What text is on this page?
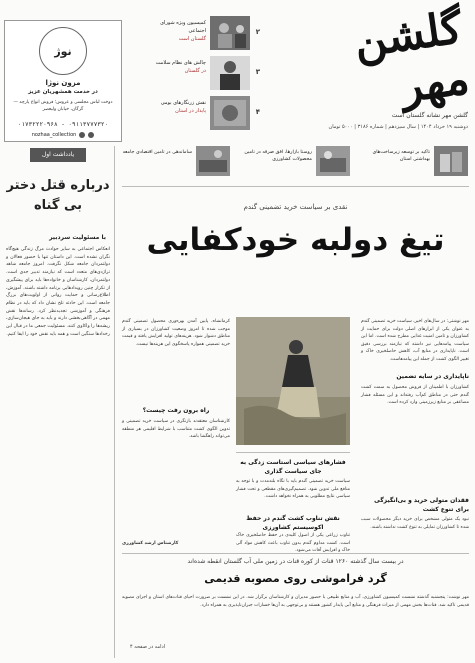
گلشن مهر
گلشن مهر نشانه گلستان است
دوشنبه ۱۹ خرداد ۱۴۰۴ | سال سیزدهم | شماره ۳۱۸۶ | ۵۰۰۰ تومان
۲
کمیسیون ویژه شورای اجتماعی
گلستان است
۳
چالش های نظام سلامت
در گلستان
۴
نقش زرنگارهای بومی
پایدار در استان
نوژ
مزون نوژا
در خدمت همشهریان عزیز
دوخت لباس مجلسی و عروس؛ فروش انواع پارچه — گرگان، خیابان ولیعصر
۰۹۱۱۳۷۷۷۳۲۰ - ۰۱۷۳۲۲۲۰۹۶۸
nozhaa_collection
تاکید بر توسعه زیرساخت‌های بهداشتی استان
روستا بازارها، افق صرفه در تامین محصولات کشاورزی
ساماندهی در تامین اقتصادی جامعه
یادداشت اول
درباره قتل دختر بی گناه
با مسئولیت سردبیر
انعکاس اجتماعی به سایر حوادث مرگ زندگی هیچ‌گاه نگران نشده است. این داستان تنها با حضور فعالان و دولتمردان جامعه شکل نگرفت. امروز جامعه شاهد تراژدی‌های متعدد است که نیازمند تدبیر جدی است. دولتمردان، کارشناسان و خانواده‌ها باید برای پیشگیری از تکرار چنین رویدادهایی برنامه داشته باشند. آموزش، اطلاع‌رسانی و حمایت روانی از اولویت‌های بزرگ جامعه است. این حادثه تلخ نشان داد که باید در نظام فرهنگی و آموزشی تجدیدنظر کرد. رسانه‌ها نقش مهمی در آگاهی‌بخشی دارند و باید به جای هیجان‌سازی، ریشه‌ها را واکاوی کنند. مسئولیت جمعی ما در قبال این رخدادها سنگین است و همه باید نقش خود را ایفا کنیم.
نقدی بر سیاست خرید تضمینی گندم
تیغ دولبه خودکفایی
مهر نوشتی: در سال‌های اخیر، سیاست خرید تضمینی گندم به عنوان یکی از ابزارهای اصلی دولت برای حمایت از کشاورزان و تامین امنیت غذایی مطرح شده است. اما این سیاست پیامدهایی نیز داشته که نیازمند بررسی دقیق است. ناپایداری در منابع آب، کاهش حاصلخیزی خاک و تغییر الگوی کشت از جمله این پیامدهاست.
ناپایداری در سایه تضمین
کشاورزان با اطمینان از فروش محصول به سمت کشت گندم حتی در مناطق کم‌آب رفته‌اند و این مسئله فشار مضاعفی بر منابع زیرزمینی وارد کرده است.
فقدان متولی خرید و بی‌انگیزگی برای تنوع کشت
نبود یک متولی مشخص برای خرید دیگر محصولات سبب شده تا کشاورزان تمایلی به تنوع کشت نداشته باشند.
کرمانشاه، پایین آمدن بهره‌وری محصول تضمینی گندم موجب شده تا امروز وضعیت کشاورزان در بسیاری از مناطق دشوار شود. هزینه‌های تولید افزایش یافته و قیمت خرید تضمینی همواره پاسخگوی این هزینه‌ها نیست.
راه برون رفت چیست؟
کارشناسان معتقدند بازنگری در سیاست خرید تضمینی و تدوین الگوی کشت متناسب با شرایط اقلیمی هر منطقه می‌تواند راهگشا باشد.
فشارهای سیاسی استاست زدگی به جای سیاست گذاری
سیاست خرید تضمینی گندم باید با نگاه بلندمدت و با توجه به منافع ملی تدوین شود. تصمیم‌گیری‌های مقطعی و تحت فشار سیاسی نتایج مطلوبی به همراه نخواهد داشت.
نقش تناوب کشت گندم در حفظ اکوسیستم کشاورزی
تناوب زراعی یکی از اصول کلیدی در حفظ حاصلخیزی خاک است. کشت مداوم گندم بدون تناوب باعث کاهش مواد آلی خاک و افزایش آفات می‌شود.
کارشناس ارشد کشاورزی
در بیست سال گذشته ۱۲۶۰ قنات از کوره قنات در زمین ملی آب گلستان انقطه شده‌اند
گرد فراموشی روی مصوبه قدیمی
مهر نوشت: پنجشنبه گذشته نشست کمیسیون کشاورزی، آب و منابع طبیعی با حضور مدیران و کارشناسان برگزار شد. در این نشست بر ضرورت احیای قنات‌های استان و اجرای مصوبه قدیمی تاکید شد. قنات‌ها بخش مهمی از میراث فرهنگی و منابع آبی پایدار کشور هستند و بی‌توجهی به آن‌ها خسارات جبران‌ناپذیری به همراه دارد.
ادامه در صفحه ۴
